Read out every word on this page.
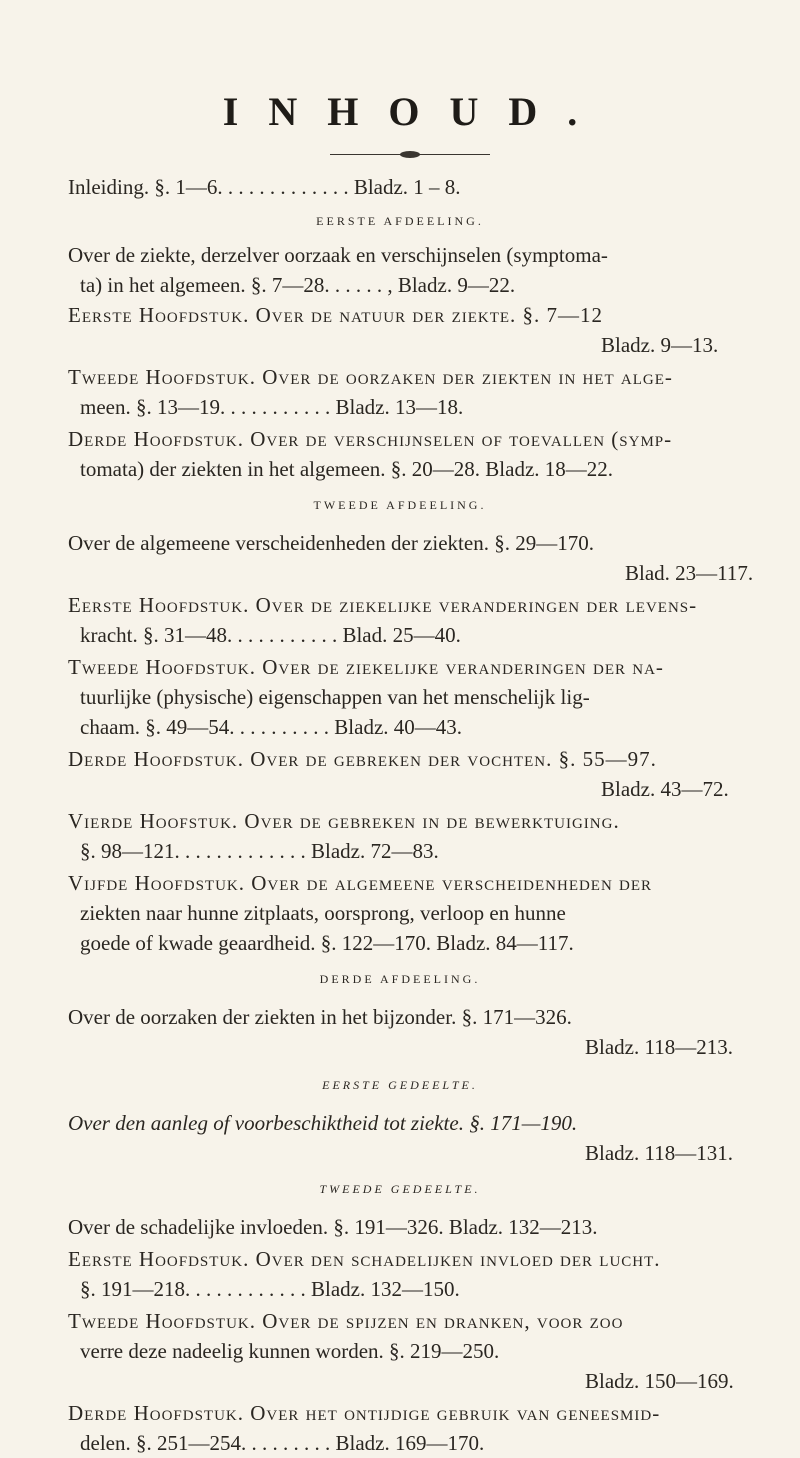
INHOUD.
Inleiding. §. 1—6. . . . . . . . . . . . . Bladz. 1 – 8.
EERSTE AFDEELING.
Over de ziekte, derzelver oorzaak en verschijnselen (symptoma-
ta) in het algemeen. §. 7—28. . . . . . , Bladz. 9—22.
Eerste Hoofdstuk. Over de natuur der ziekte. §. 7—12
Bladz. 9—13.
Tweede Hoofdstuk. Over de oorzaken der ziekten in het alge-
meen. §. 13—19. . . . . . . . . . . Bladz. 13—18.
Derde Hoofdstuk. Over de verschijnselen of toevallen (symp-
tomata) der ziekten in het algemeen. §. 20—28. Bladz. 18—22.
TWEEDE AFDEELING.
Over de algemeene verscheidenheden der ziekten. §. 29—170.
Blad. 23—117.
Eerste Hoofdstuk. Over de ziekelijke veranderingen der levens-
kracht. §. 31—48. . . . . . . . . . . Blad. 25—40.
Tweede Hoofdstuk. Over de ziekelijke veranderingen der na-
tuurlijke (physische) eigenschappen van het menschelijk lig-
chaam. §. 49—54. . . . . . . . . . Bladz. 40—43.
Derde Hoofdstuk. Over de gebreken der vochten. §. 55—97.
Bladz. 43—72.
Vierde Hoofstuk. Over de gebreken in de bewerktuiging.
§. 98—121. . . . . . . . . . . . . Bladz. 72—83.
Vijfde Hoofdstuk. Over de algemeene verscheidenheden der
ziekten naar hunne zitplaats, oorsprong, verloop en hunne
goede of kwade geaardheid. §. 122—170. Bladz. 84—117.
DERDE AFDEELING.
Over de oorzaken der ziekten in het bijzonder. §. 171—326.
Bladz. 118—213.
EERSTE GEDEELTE.
Over den aanleg of voorbeschiktheid tot ziekte. §. 171—190.
Bladz. 118—131.
TWEEDE GEDEELTE.
Over de schadelijke invloeden. §. 191—326. Bladz. 132—213.
Eerste Hoofdstuk. Over den schadelijken invloed der lucht.
§. 191—218. . . . . . . . . . . . Bladz. 132—150.
Tweede Hoofdstuk. Over de spijzen en dranken, voor zoo
verre deze nadeelig kunnen worden. §. 219—250.
Bladz. 150—169.
Derde Hoofdstuk. Over het ontijdige gebruik van geneesmid-
delen. §. 251—254. . . . . . . . . Bladz. 169—170.
